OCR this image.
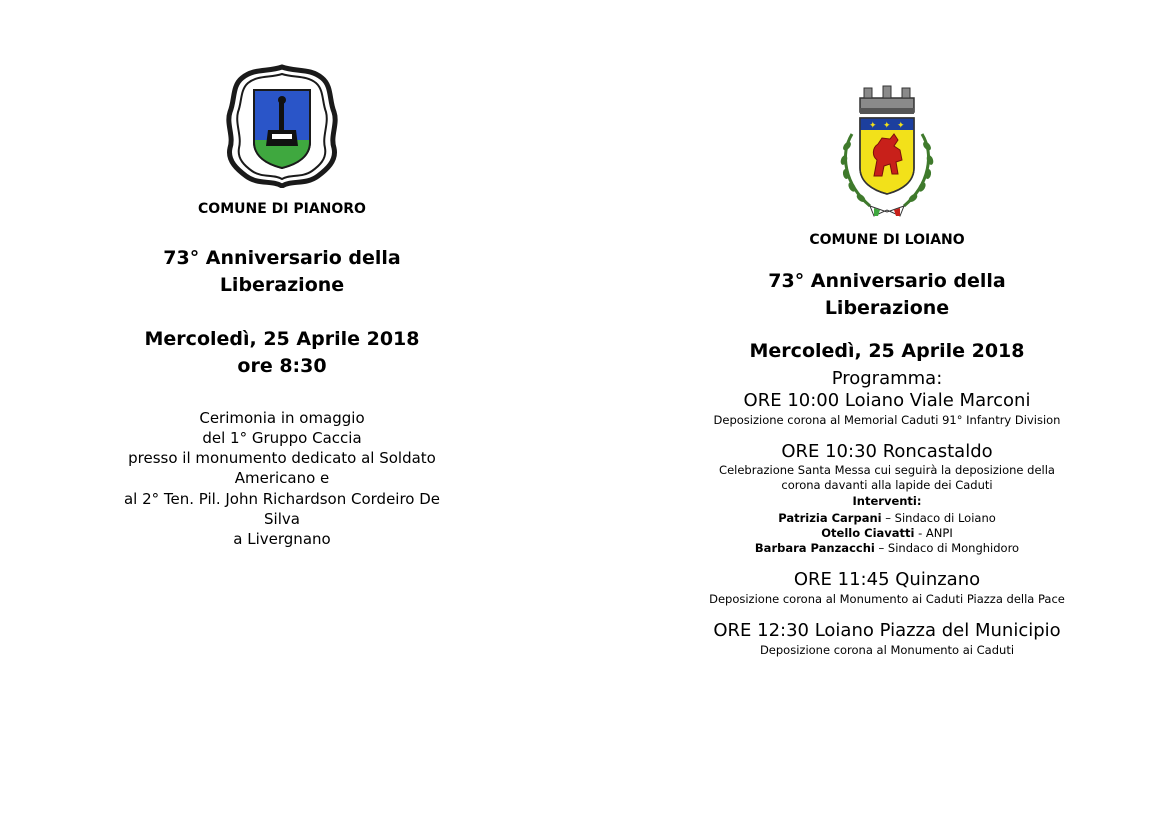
COMUNE DI PIANORO
73° Anniversario della
Liberazione
Mercoledì, 25 Aprile 2018
ore 8:30
Cerimonia in omaggio
del 1° Gruppo Caccia
presso il monumento dedicato al Soldato
Americano e
al 2° Ten. Pil. John Richardson Cordeiro De
Silva
a Livergnano
✦ ✦ ✦
COMUNE DI LOIANO
73° Anniversario della
Liberazione
Mercoledì, 25 Aprile 2018
Programma:
ORE 10:00 Loiano Viale Marconi
Deposizione corona al Memorial Caduti 91° Infantry Division
ORE 10:30 Roncastaldo
Celebrazione Santa Messa cui seguirà la deposizione della
corona davanti alla lapide dei Caduti
Interventi:
Patrizia Carpani – Sindaco di Loiano
Otello Ciavatti - ANPI
Barbara Panzacchi – Sindaco di Monghidoro
ORE 11:45 Quinzano
Deposizione corona al Monumento ai Caduti Piazza della Pace
ORE 12:30 Loiano Piazza del Municipio
Deposizione corona al Monumento ai Caduti
